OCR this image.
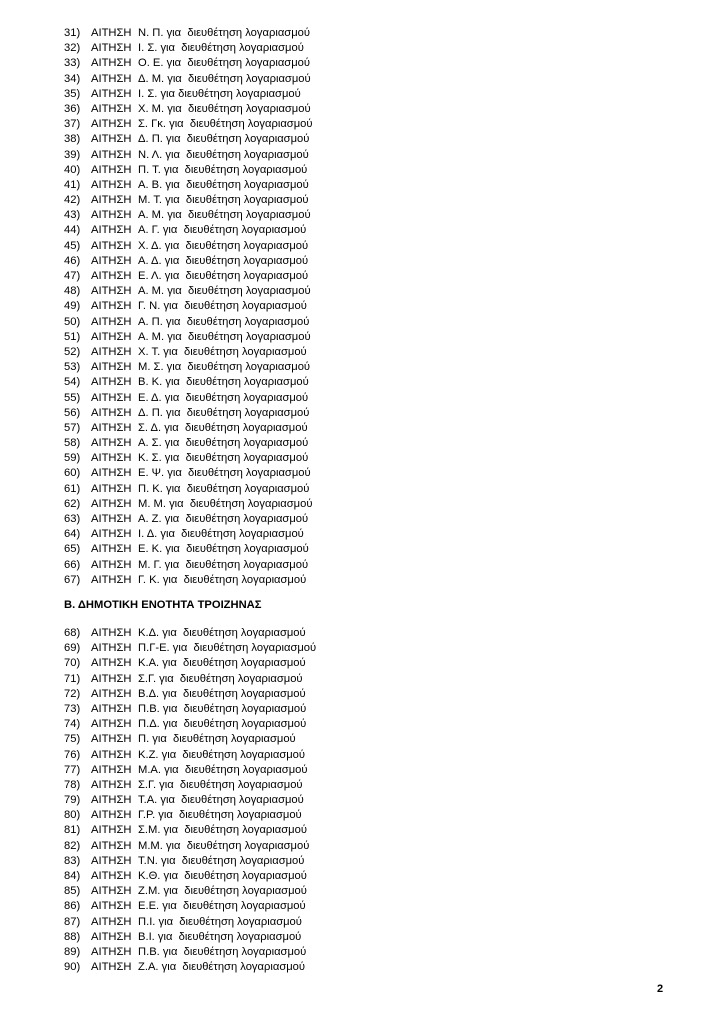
31) ΑΙΤΗΣΗ Ν. Π. για  διευθέτηση λογαριασμού
32) ΑΙΤΗΣΗ Ι. Σ. για  διευθέτηση λογαριασμού
33) ΑΙΤΗΣΗ Ο. Ε. για  διευθέτηση λογαριασμού
34) ΑΙΤΗΣΗ Δ. Μ. για  διευθέτηση λογαριασμού
35) ΑΙΤΗΣΗ Ι. Σ. για διευθέτηση λογαριασμού
36) ΑΙΤΗΣΗ Χ. Μ. για  διευθέτηση λογαριασμού
37) ΑΙΤΗΣΗ Σ. Γκ. για  διευθέτηση λογαριασμού
38) ΑΙΤΗΣΗ Δ. Π. για  διευθέτηση λογαριασμού
39) ΑΙΤΗΣΗ Ν. Λ. για  διευθέτηση λογαριασμού
40) ΑΙΤΗΣΗ Π. Τ. για  διευθέτηση λογαριασμού
41) ΑΙΤΗΣΗ Α. Β. για  διευθέτηση λογαριασμού
42) ΑΙΤΗΣΗ Μ. Τ. για  διευθέτηση λογαριασμού
43) ΑΙΤΗΣΗ Α. Μ. για  διευθέτηση λογαριασμού
44) ΑΙΤΗΣΗ Α. Γ. για  διευθέτηση λογαριασμού
45) ΑΙΤΗΣΗ Χ. Δ. για  διευθέτηση λογαριασμού
46) ΑΙΤΗΣΗ Α. Δ. για  διευθέτηση λογαριασμού
47) ΑΙΤΗΣΗ Ε. Λ. για  διευθέτηση λογαριασμού
48) ΑΙΤΗΣΗ Α. Μ. για  διευθέτηση λογαριασμού
49) ΑΙΤΗΣΗ Γ. Ν. για  διευθέτηση λογαριασμού
50) ΑΙΤΗΣΗ Α. Π. για  διευθέτηση λογαριασμού
51) ΑΙΤΗΣΗ Α. Μ. για  διευθέτηση λογαριασμού
52) ΑΙΤΗΣΗ Χ. Τ. για  διευθέτηση λογαριασμού
53) ΑΙΤΗΣΗ Μ. Σ. για  διευθέτηση λογαριασμού
54) ΑΙΤΗΣΗ Β. Κ. για  διευθέτηση λογαριασμού
55) ΑΙΤΗΣΗ Ε. Δ. για  διευθέτηση λογαριασμού
56) ΑΙΤΗΣΗ Δ. Π. για  διευθέτηση λογαριασμού
57) ΑΙΤΗΣΗ Σ. Δ. για  διευθέτηση λογαριασμού
58) ΑΙΤΗΣΗ Α. Σ. για  διευθέτηση λογαριασμού
59) ΑΙΤΗΣΗ Κ. Σ. για  διευθέτηση λογαριασμού
60) ΑΙΤΗΣΗ Ε. Ψ. για  διευθέτηση λογαριασμού
61) ΑΙΤΗΣΗ Π. Κ. για  διευθέτηση λογαριασμού
62) ΑΙΤΗΣΗ Μ. Μ. για  διευθέτηση λογαριασμού
63) ΑΙΤΗΣΗ Α. Ζ. για  διευθέτηση λογαριασμού
64) ΑΙΤΗΣΗ Ι. Δ. για  διευθέτηση λογαριασμού
65) ΑΙΤΗΣΗ Ε. Κ. για  διευθέτηση λογαριασμού
66) ΑΙΤΗΣΗ Μ. Γ. για  διευθέτηση λογαριασμού
67) ΑΙΤΗΣΗ Γ. Κ. για  διευθέτηση λογαριασμού
Β. ΔΗΜΟΤΙΚΗ ΕΝΟΤΗΤΑ ΤΡΟΙΖΗΝΑΣ
68) ΑΙΤΗΣΗ Κ.Δ. για  διευθέτηση λογαριασμού
69) ΑΙΤΗΣΗ Π.Γ-Ε. για  διευθέτηση λογαριασμού
70) ΑΙΤΗΣΗ Κ.Α. για  διευθέτηση λογαριασμού
71) ΑΙΤΗΣΗ Σ.Γ. για  διευθέτηση λογαριασμού
72) ΑΙΤΗΣΗ Β.Δ. για  διευθέτηση λογαριασμού
73) ΑΙΤΗΣΗ Π.Β. για  διευθέτηση λογαριασμού
74) ΑΙΤΗΣΗ Π.Δ. για  διευθέτηση λογαριασμού
75) ΑΙΤΗΣΗ Π. για  διευθέτηση λογαριασμού
76) ΑΙΤΗΣΗ Κ.Ζ. για  διευθέτηση λογαριασμού
77) ΑΙΤΗΣΗ Μ.Α. για  διευθέτηση λογαριασμού
78) ΑΙΤΗΣΗ Σ.Γ. για  διευθέτηση λογαριασμού
79) ΑΙΤΗΣΗ Τ.Α. για  διευθέτηση λογαριασμού
80) ΑΙΤΗΣΗ Γ.Ρ. για  διευθέτηση λογαριασμού
81) ΑΙΤΗΣΗ Σ.Μ. για  διευθέτηση λογαριασμού
82) ΑΙΤΗΣΗ Μ.Μ. για  διευθέτηση λογαριασμού
83) ΑΙΤΗΣΗ Τ.Ν. για  διευθέτηση λογαριασμού
84) ΑΙΤΗΣΗ Κ.Θ. για  διευθέτηση λογαριασμού
85) ΑΙΤΗΣΗ Ζ.Μ. για  διευθέτηση λογαριασμού
86) ΑΙΤΗΣΗ Ε.Ε. για  διευθέτηση λογαριασμού
87) ΑΙΤΗΣΗ Π.Ι. για  διευθέτηση λογαριασμού
88) ΑΙΤΗΣΗ Β.Ι. για  διευθέτηση λογαριασμού
89) ΑΙΤΗΣΗ Π.Β. για  διευθέτηση λογαριασμού
90) ΑΙΤΗΣΗ Ζ.Α. για  διευθέτηση λογαριασμού
2
